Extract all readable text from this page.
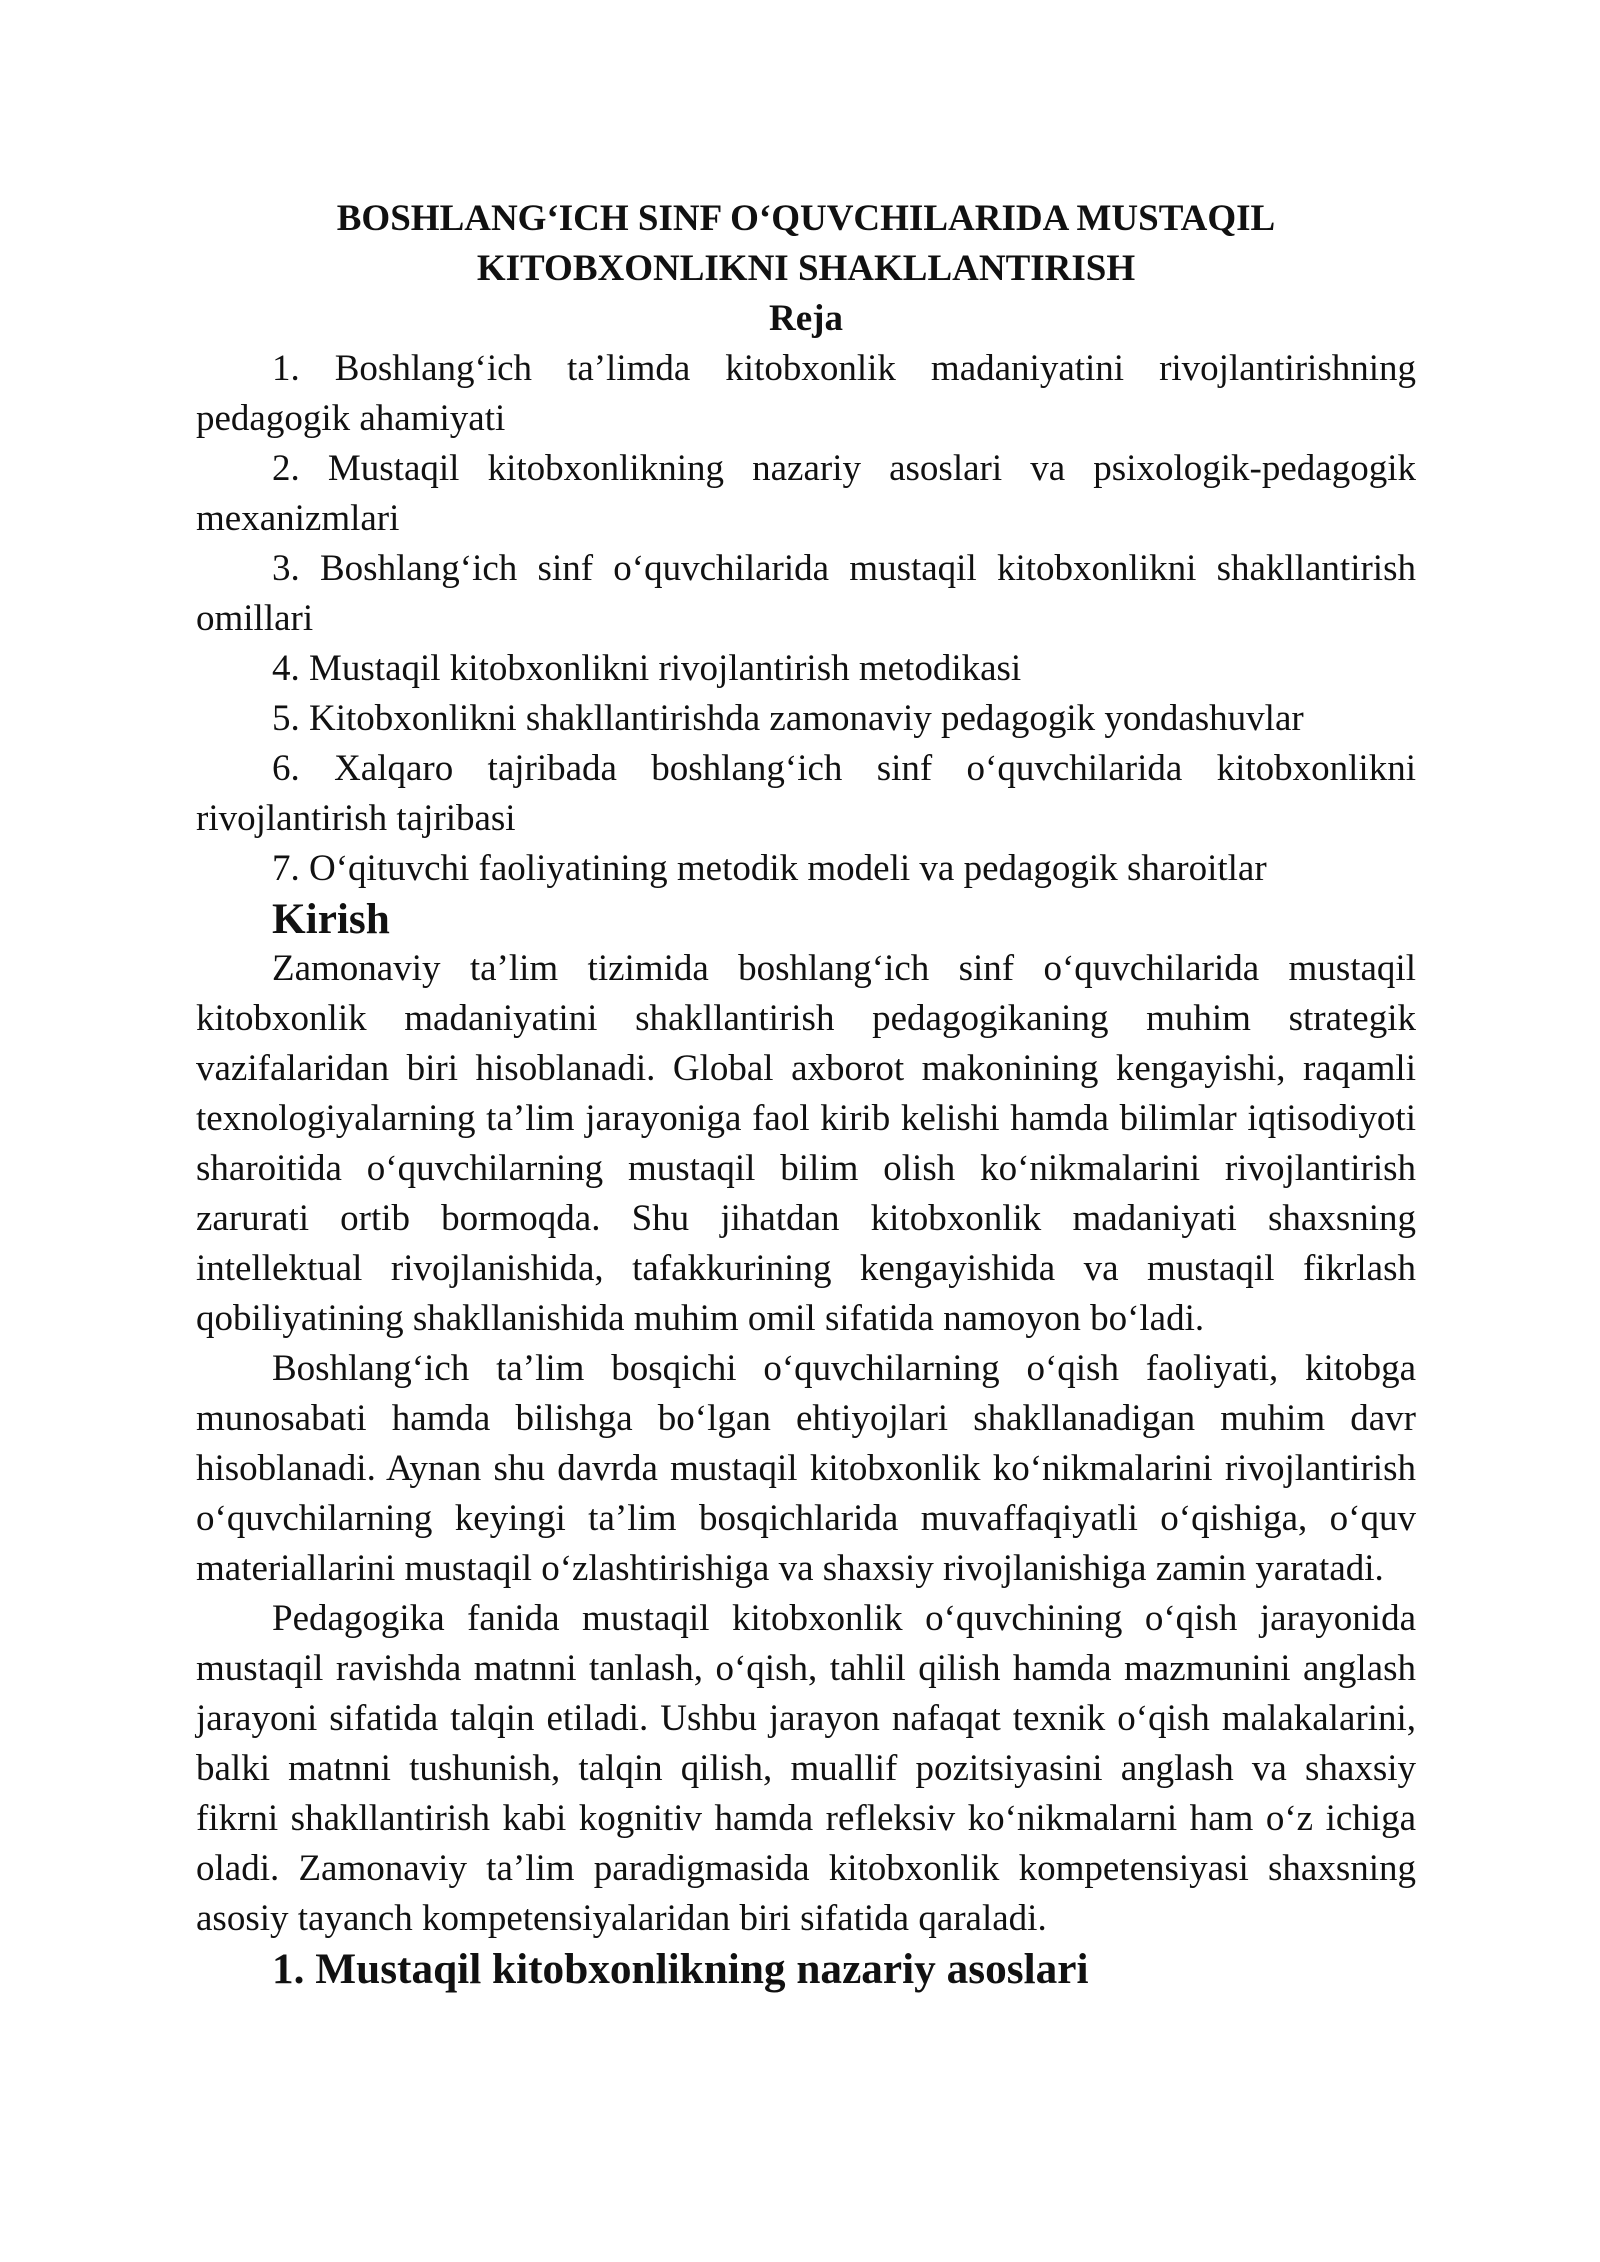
BOSHLANG‘ICH SINF O‘QUVCHILARIDA MUSTAQIL
KITOBXONLIKNI SHAKLLANTIRISH
Reja
1. Boshlang‘ich ta’limda kitobxonlik madaniyatini rivojlantirishning pedagogik ahamiyati
2. Mustaqil kitobxonlikning nazariy asoslari va psixologik-pedagogik mexanizmlari
3. Boshlang‘ich sinf o‘quvchilarida mustaqil kitobxonlikni shakllantirish omillari
4. Mustaqil kitobxonlikni rivojlantirish metodikasi
5. Kitobxonlikni shakllantirishda zamonaviy pedagogik yondashuvlar
6. Xalqaro tajribada boshlang‘ich sinf o‘quvchilarida kitobxonlikni rivojlantirish tajribasi
7. O‘qituvchi faoliyatining metodik modeli va pedagogik sharoitlar
Kirish

Zamonaviy ta’lim tizimida boshlang‘ich sinf o‘quvchilarida mustaqil kitobxonlik madaniyatini shakllantirish pedagogikaning muhim strategik vazifalaridan biri hisoblanadi. Global axborot makonining kengayishi, raqamli texnologiyalarning ta’lim jarayoniga faol kirib kelishi hamda bilimlar iqtisodiyoti sharoitida o‘quvchilarning mustaqil bilim olish ko‘nikmalarini rivojlantirish zarurati ortib bormoqda. Shu jihatdan kitobxonlik madaniyati shaxsning intellektual rivojlanishida, tafakkurining kengayishida va mustaqil fikrlash qobiliyatining shakllanishida muhim omil sifatida namoyon bo‘ladi.

Boshlang‘ich ta’lim bosqichi o‘quvchilarning o‘qish faoliyati, kitobga munosabati hamda bilishga bo‘lgan ehtiyojlari shakllanadigan muhim davr hisoblanadi. Aynan shu davrda mustaqil kitobxonlik ko‘nikmalarini rivojlantirish o‘quvchilarning keyingi ta’lim bosqichlarida muvaffaqiyatli o‘qishiga, o‘quv materiallarini mustaqil o‘zlashtirishiga va shaxsiy rivojlanishiga zamin yaratadi.

Pedagogika fanida mustaqil kitobxonlik o‘quvchining o‘qish jarayonida mustaqil ravishda matnni tanlash, o‘qish, tahlil qilish hamda mazmunini anglash jarayoni sifatida talqin etiladi. Ushbu jarayon nafaqat texnik o‘qish malakalarini, balki matnni tushunish, talqin qilish, muallif pozitsiyasini anglash va shaxsiy fikrni shakllantirish kabi kognitiv hamda refleksiv ko‘nikmalarni ham o‘z ichiga oladi. Zamonaviy ta’lim paradigmasida kitobxonlik kompetensiyasi shaxsning asosiy tayanch kompetensiyalaridan biri sifatida qaraladi.

1. Mustaqil kitobxonlikning nazariy asoslari
